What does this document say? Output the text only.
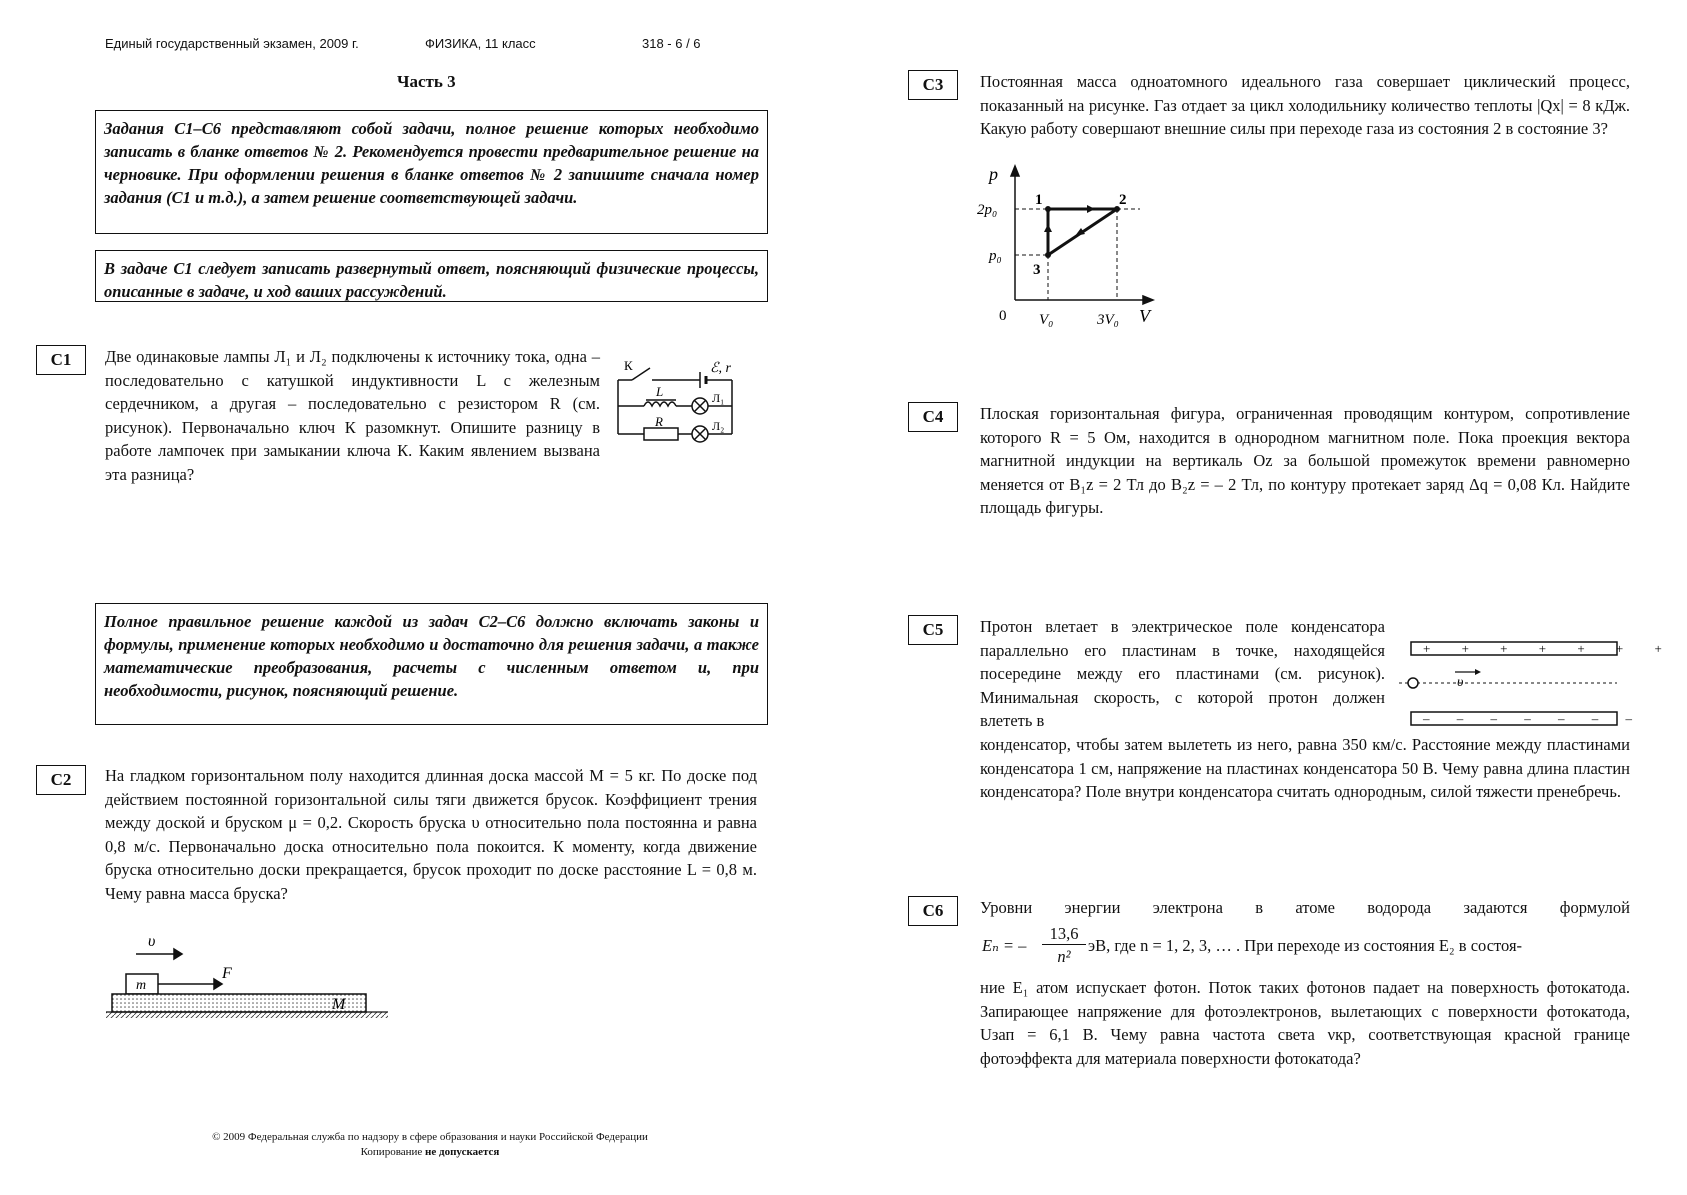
Единый государственный экзамен, 2009 г.	ФИЗИКА, 11 класс	318 - 6 / 6
Часть 3
Задания С1–С6 представляют собой задачи, полное решение которых необходимо записать в бланке ответов № 2. Рекомендуется провести предварительное решение на черновике. При оформлении решения в бланке ответов № 2 запишите сначала номер задания (С1 и т.д.), а затем решение соответствующей задачи.
В задаче С1 следует записать развернутый ответ, поясняющий физические процессы, описанные в задаче, и ход ваших рассуждений.
С1	Две одинаковые лампы Л₁ и Л₂ подключены к источнику тока, одна – последовательно с катушкой индуктивности L с железным сердечником, а другая – последовательно с резистором R (см. рисунок). Первоначально ключ К разомкнут. Опишите разницу в работе лампочек при замыкании ключа К. Каким явлением вызвана эта разница?
К	ℰ, r
L
R
Л₁
Л₂
Полное правильное решение каждой из задач С2–С6 должно включать законы и формулы, применение которых необходимо и достаточно для решения задачи, а также математические преобразования, расчеты с численным ответом и, при необходимости, рисунок, поясняющий решение.
С2	На гладком горизонтальном полу находится длинная доска массой M = 5 кг. По доске под действием постоянной горизонтальной силы тяги движется брусок. Коэффициент трения между доской и бруском μ = 0,2. Скорость бруска υ относительно пола постоянна и равна 0,8 м/с. Первоначально доска относительно пола покоится. К моменту, когда движение бруска относительно доски прекращается, брусок проходит по доске расстояние L = 0,8 м. Чему равна масса бруска?
υ
m
F
M
© 2009 Федеральная служба по надзору в сфере образования и науки Российской Федерации
Копирование не допускается
С3	Постоянная масса одноатомного идеального газа совершает циклический процесс, показанный на рисунке. Газ отдает за цикл холодильнику количество теплоты |Qх| = 8 кДж. Какую работу совершают внешние силы при переходе газа из состояния 2 в состояние 3?
p
2p₀
p₀
0 V₀	3V₀ V
1	2
3
С4	Плоская горизонтальная фигура, ограниченная проводящим контуром, сопротивление которого R = 5 Ом, находится в однородном магнитном поле. Пока проекция вектора магнитной индукции на вертикаль Oz за большой промежуток времени равномерно меняется от B₁z = 2 Тл до B₂z = – 2 Тл, по контуру протекает заряд Δq = 0,08 Кл. Найдите площадь фигуры.
С5	Протон влетает в электрическое поле конденсатора параллельно его пластинам в точке, находящейся посередине между его пластинами (см. рисунок). Минимальная скорость, с которой протон должен влететь в
конденсатор, чтобы затем вылететь из него, равна 350 км/с. Расстояние между пластинами конденсатора 1 см, напряжение на пластинах конденсатора 50 В. Чему равна длина пластин конденсатора? Поле внутри конденсатора считать однородным, силой тяжести пренебречь.
+ + + + + + +
– – – – – – –
υ
С6	Уровни энергии электрона в атоме водорода задаются формулой
Eₙ = – $\frac{13,6}{\text{n²}}$ эВ, где n = 1, 2, 3, … . При переходе из состояния E₂ в состоя-
ние E₁ атом испускает фотон. Поток таких фотонов падает на поверхность фотокатода. Запирающее напряжение для фотоэлектронов, вылетающих с поверхности фотокатода, Uзап = 6,1 В. Чему равна частота света νкр, соответствующая красной границе фотоэффекта для материала поверхности фотокатода?
